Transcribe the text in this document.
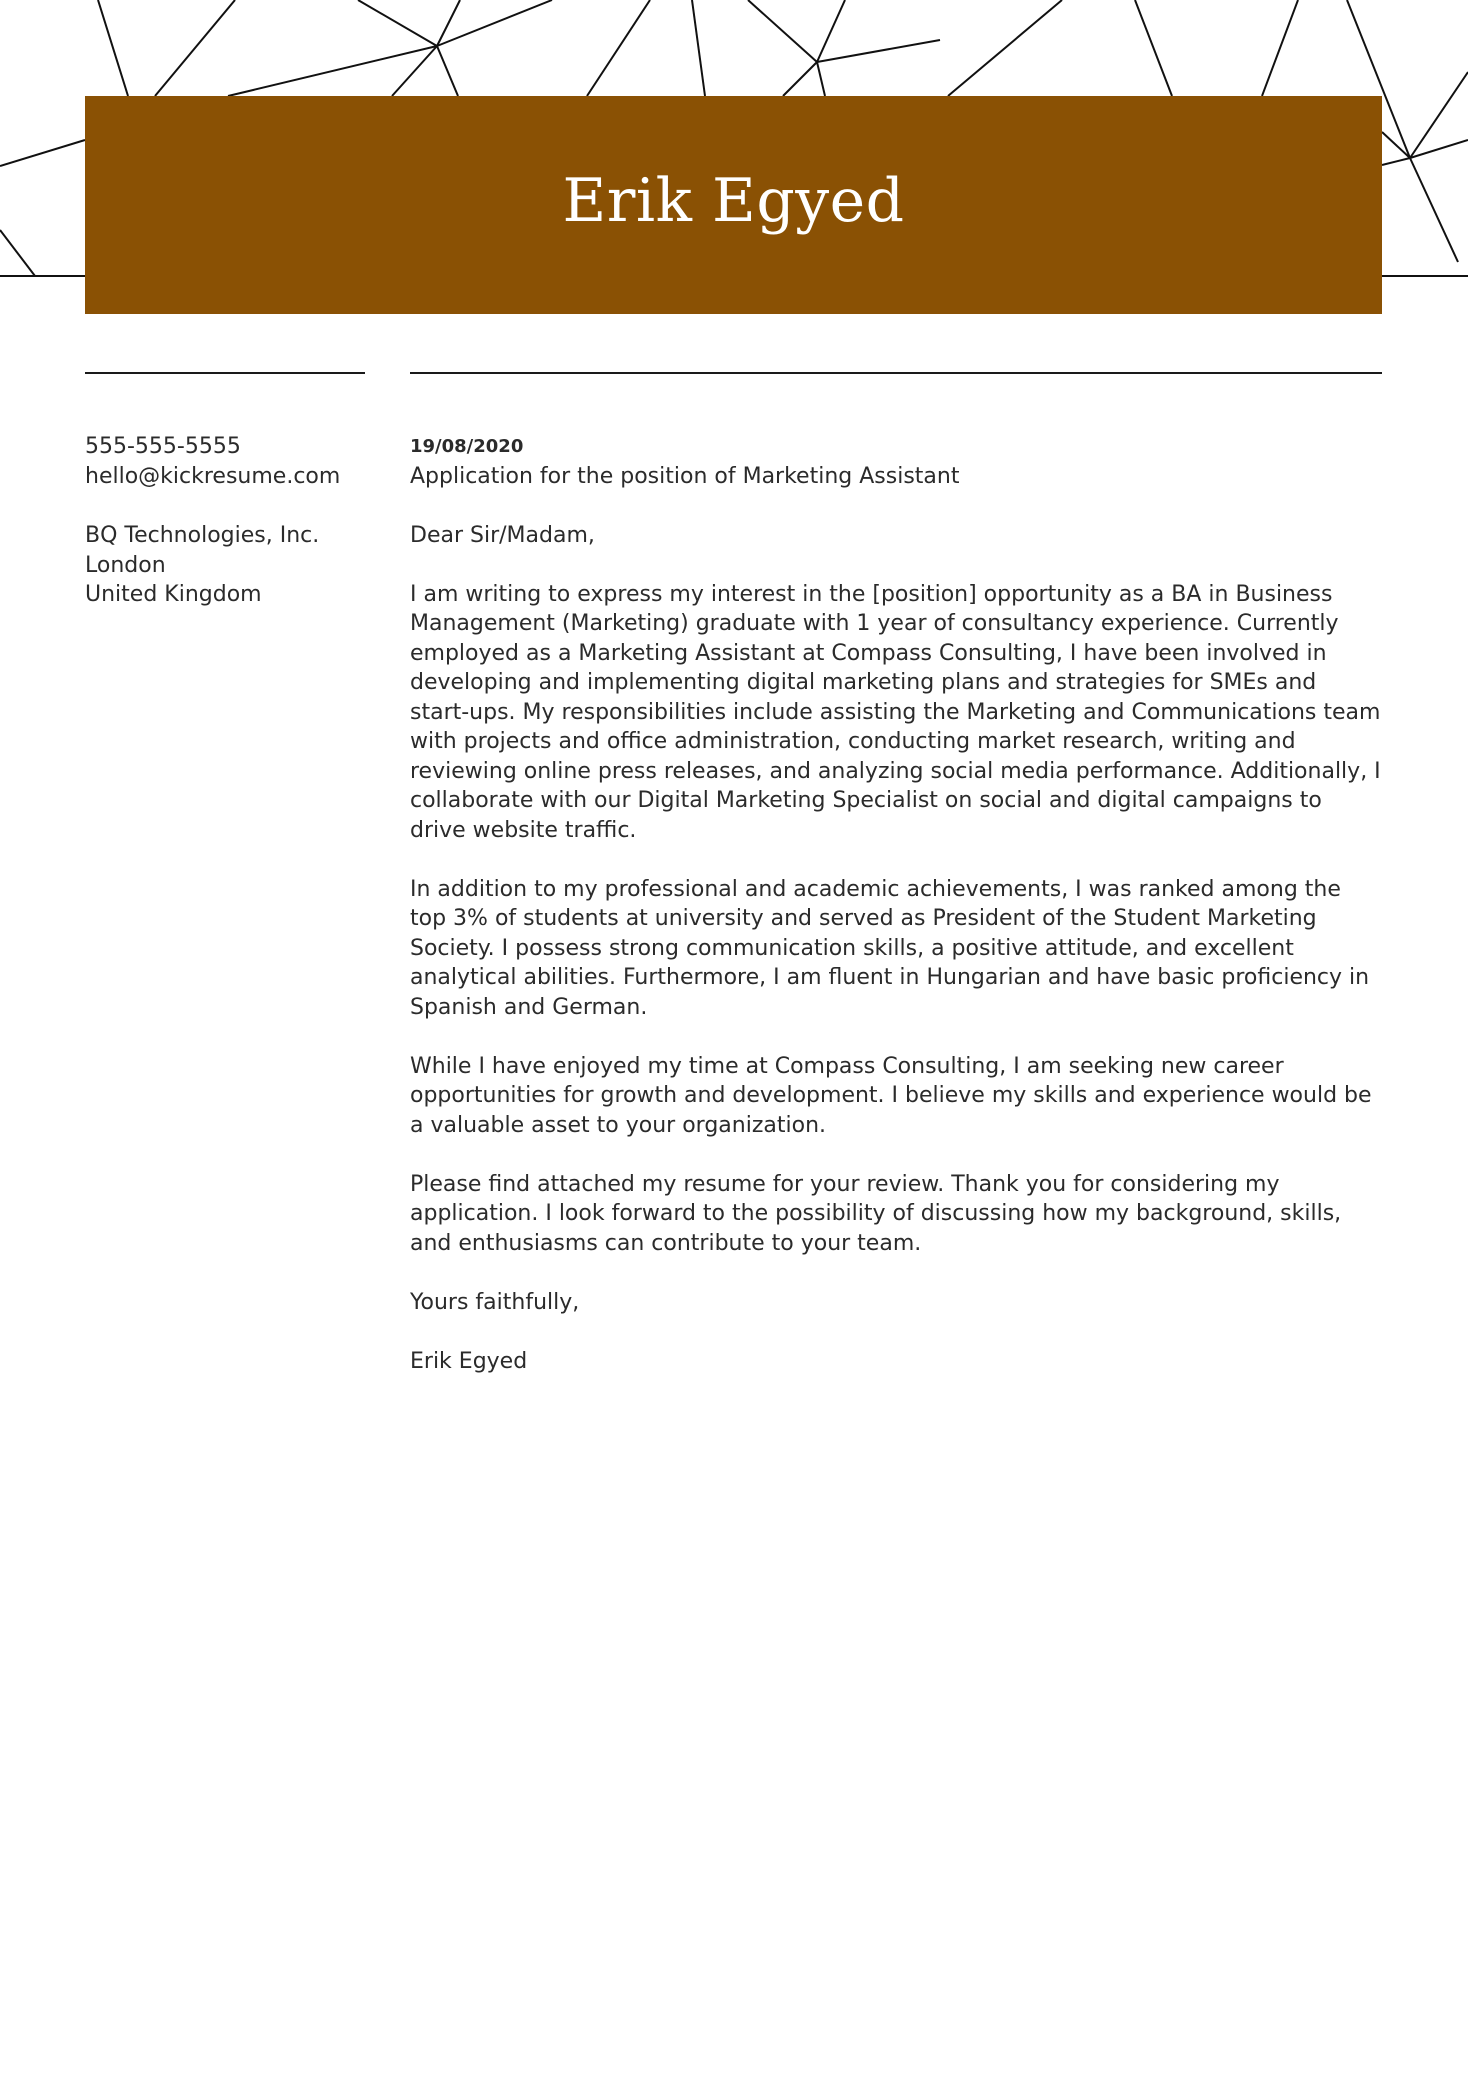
Erik Egyed
555-555-5555
hello@kickresume.com
BQ Technologies, Inc.
London
United Kingdom
19/08/2020
Application for the position of Marketing Assistant

Dear Sir/Madam,

I am writing to express my interest in the [position] opportunity as a BA in Business Management (Marketing) graduate with 1 year of consultancy experience. Currently employed as a Marketing Assistant at Compass Consulting, I have been involved in developing and implementing digital marketing plans and strategies for SMEs and start-ups. My responsibilities include assisting the Marketing and Communications team with projects and office administration, conducting market research, writing and reviewing online press releases, and analyzing social media performance. Additionally, I collaborate with our Digital Marketing Specialist on social and digital campaigns to drive website traffic.

In addition to my professional and academic achievements, I was ranked among the top 3% of students at university and served as President of the Student Marketing Society. I possess strong communication skills, a positive attitude, and excellent analytical abilities. Furthermore, I am fluent in Hungarian and have basic proficiency in Spanish and German.

While I have enjoyed my time at Compass Consulting, I am seeking new career opportunities for growth and development. I believe my skills and experience would be a valuable asset to your organization.

Please find attached my resume for your review. Thank you for considering my application. I look forward to the possibility of discussing how my background, skills, and enthusiasms can contribute to your team.

Yours faithfully,

Erik Egyed
